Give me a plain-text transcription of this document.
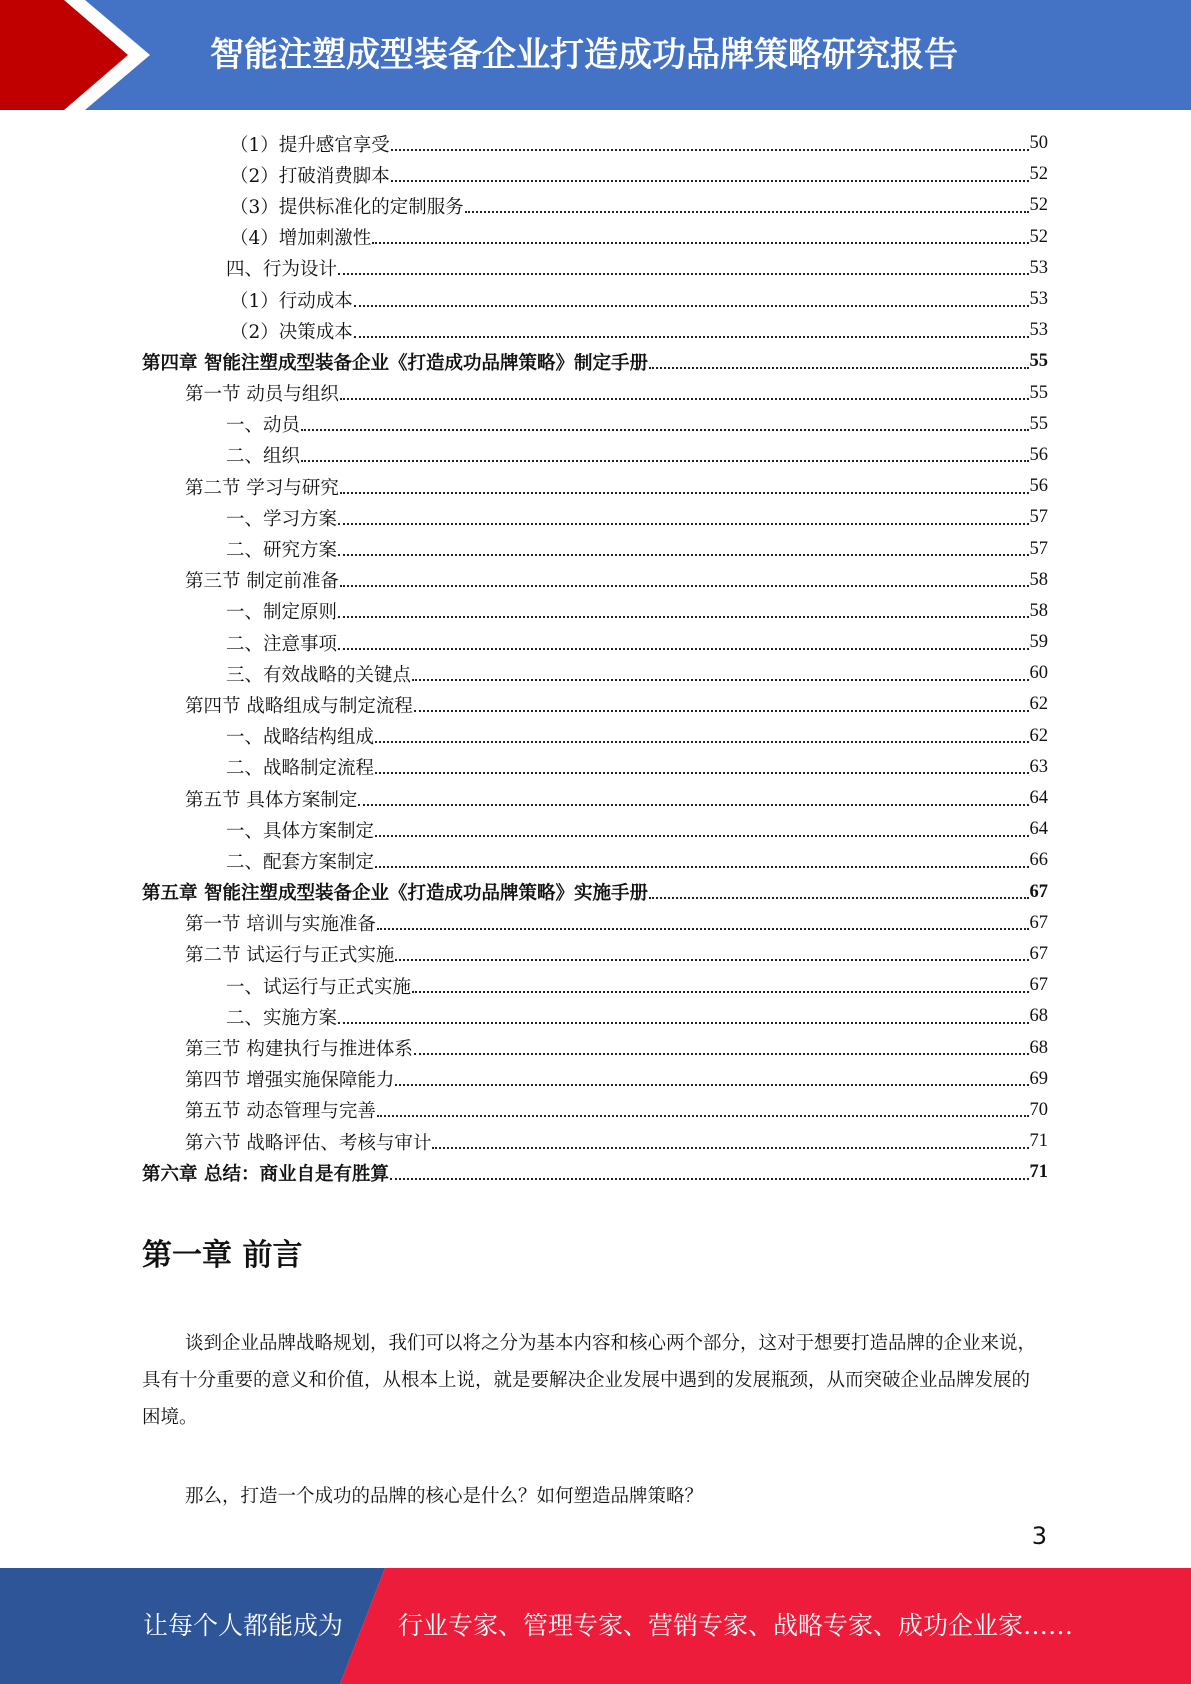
智能注塑成型装备企业打造成功品牌策略研究报告
（1）提升感官享受	50
（2）打破消费脚本	52
（3）提供标准化的定制服务	52
（4）增加刺激性	52
四、行为设计	53
（1）行动成本	53
（2）决策成本	53
第四章 智能注塑成型装备企业《打造成功品牌策略》制定手册	55
第一节 动员与组织	55
一、动员	55
二、组织	56
第二节 学习与研究	56
一、学习方案	57
二、研究方案	57
第三节 制定前准备	58
一、制定原则	58
二、注意事项	59
三、有效战略的关键点	60
第四节 战略组成与制定流程	62
一、战略结构组成	62
二、战略制定流程	63
第五节 具体方案制定	64
一、具体方案制定	64
二、配套方案制定	66
第五章 智能注塑成型装备企业《打造成功品牌策略》实施手册	67
第一节 培训与实施准备	67
第二节 试运行与正式实施	67
一、试运行与正式实施	67
二、实施方案	68
第三节 构建执行与推进体系	68
第四节 增强实施保障能力	69
第五节 动态管理与完善	70
第六节 战略评估、考核与审计	71
第六章 总结：商业自是有胜算	71
第一章 前言

谈到企业品牌战略规划，我们可以将之分为基本内容和核心两个部分，这对于想要打造品牌的企业来说，具有十分重要的意义和价值，从根本上说，就是要解决企业发展中遇到的发展瓶颈，从而突破企业品牌发展的困境。

那么，打造一个成功的品牌的核心是什么？如何塑造品牌策略？

3
让每个人都能成为 行业专家、管理专家、营销专家、战略专家、成功企业家……
